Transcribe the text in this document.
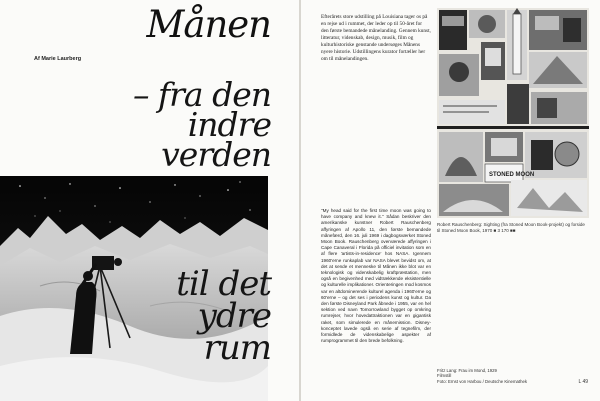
Månen
Af Marie Laurberg
– fra den
indre
verden
til det
ydre
rum
Efterårets store udstilling på Louisiana tager os på en rejse ud i rummet, der leder op til 50-året for den første bemandede månelanding. Gennem kunst, litteratur, videnskab, design, musik, film og kulturhistoriske genstande undersøges Månens nyere historie. Udstillingens kurator fortæller her om til månelandingen.
STONED MOON
Robert Rauschenberg: Sighting (fra Stoned Moon Book-projekt) og forside til Stoned Moon Book, 1970 ■ 3 170 ■■
"My head said for the first time moon was going to have company and knew it." Sådan beskriver den amerikanske kunstner Robert Rauschenberg affyringen af Apollo 11, den første bemandede månefærd, den 16. juli 1969 i dagbogsværket Stoned Moon Book. Rauschenberg overværede affyringen i Cape Canaveral i Florida på officiel invitation som en af flere 'artists-in-residence' hos NASA. Igennem 1960'erne runkaplab var NASA blevet bevidst om, at det at sende et menneske til Månen ikke blot var en teknologisk og videnskabelig kraftpræstation, men også en begivenhed med vidtrækkende eksistentielle og kulturelle implikationer. Orienteringen mod kosmos var en altdominerende kulturel agenda i 1960'erne og 60'erne – og det ses i periodens kunst og kultur. Da den første Disneyland Park åbnede i 1955, var en hel sektion ved navn Tomorrowland bygget op omkring rumrejser, hvor hovedattraktionen var en gigantisk raket, som simulerede en månemission. Disney-konceptet lavede også en serie af tegnefilm, der formidlede de videnskabelige aspekter af rumprogrammet til den brede befolkning.
Fritz Lang: Frau im Mond, 1929
Filmstill
Foto: Ernst von Harbou / Deutsche Kinemathek	L 49
